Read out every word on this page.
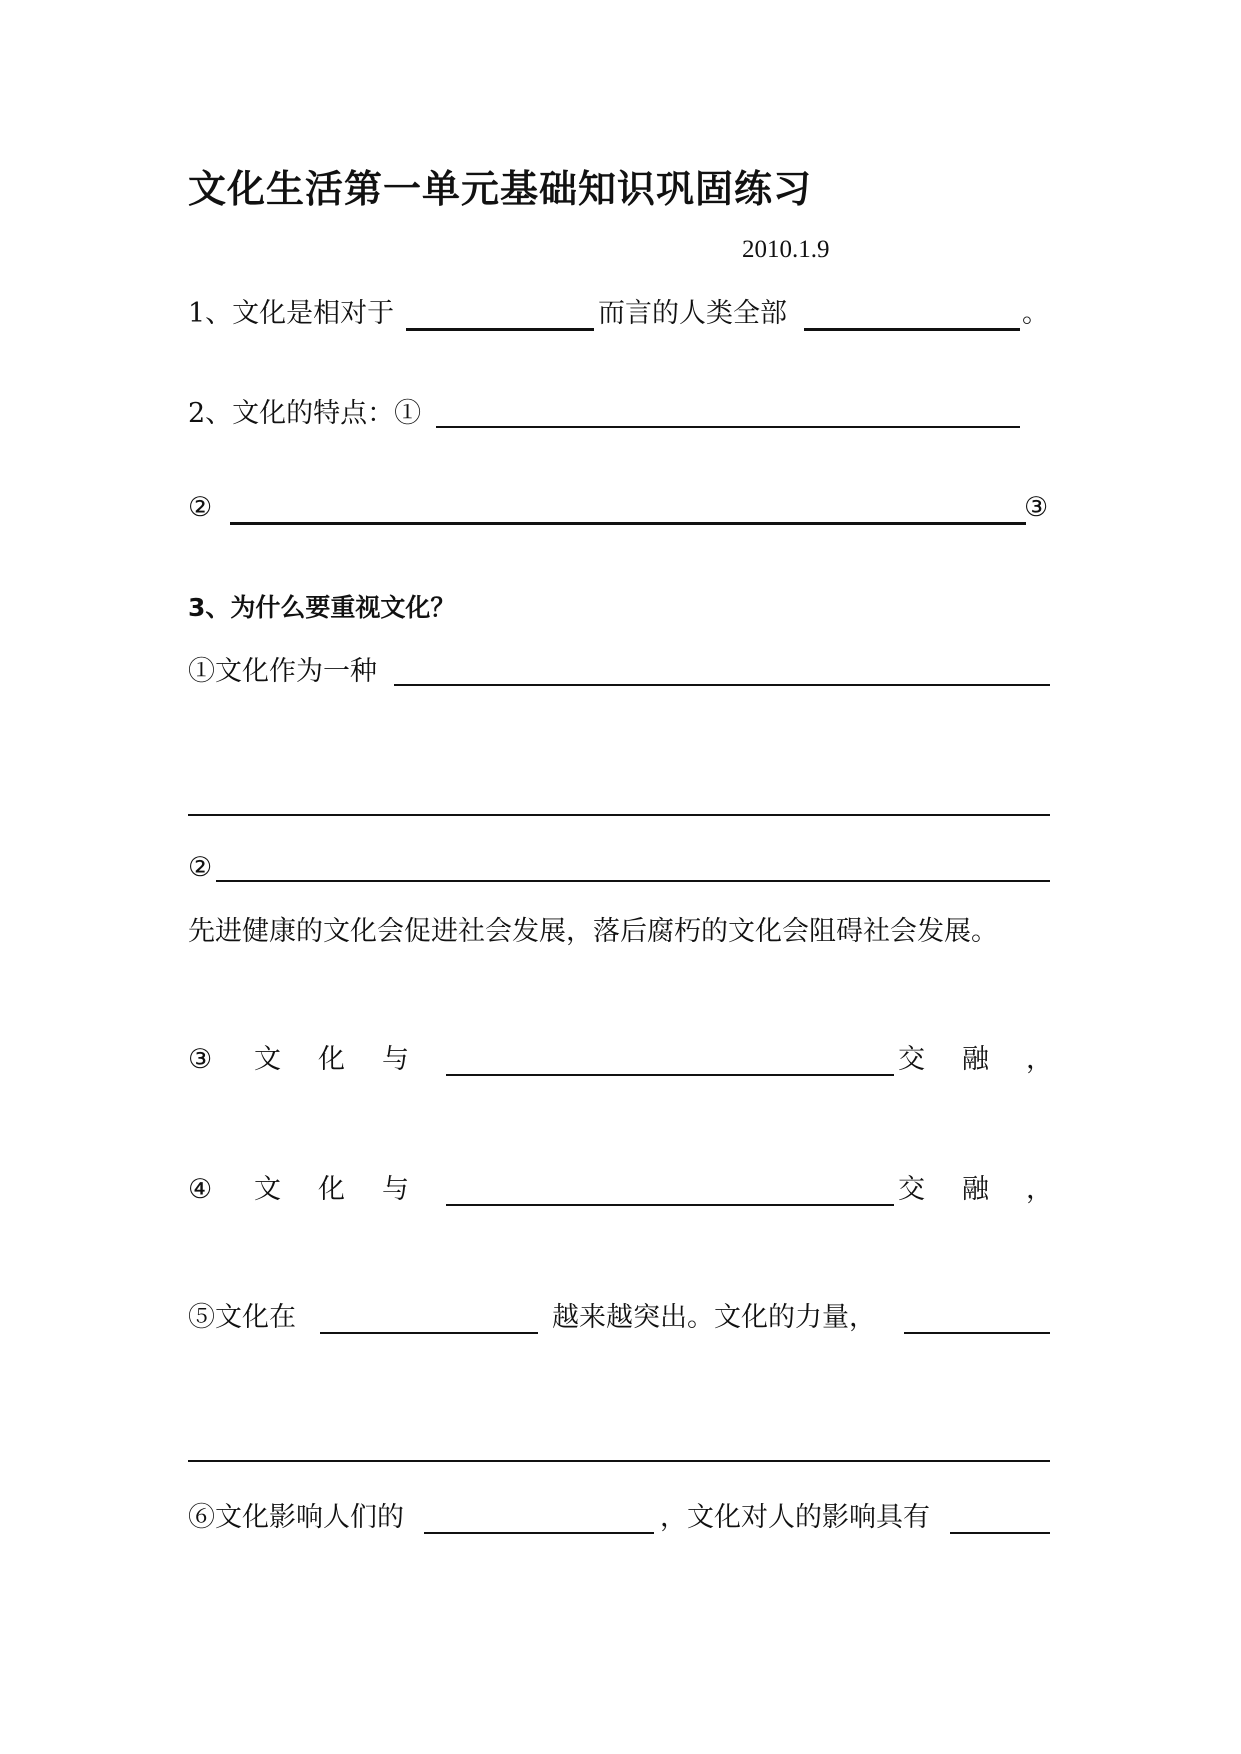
文化生活第一单元基础知识巩固练习
2010.1.9
1、文化是相对于	而言的人类全部	。
2、文化的特点：①
②	③
3、为什么要重视文化？
①文化作为一种
②
先进健康的文化会促进社会发展，落后腐朽的文化会阻碍社会发展。
③ 文 化 与	交 融 ，
④ 文 化 与	交 融 ，
⑤文化在	越来越突出。文化的力量，
⑥文化影响人们的	，文化对人的影响具有
